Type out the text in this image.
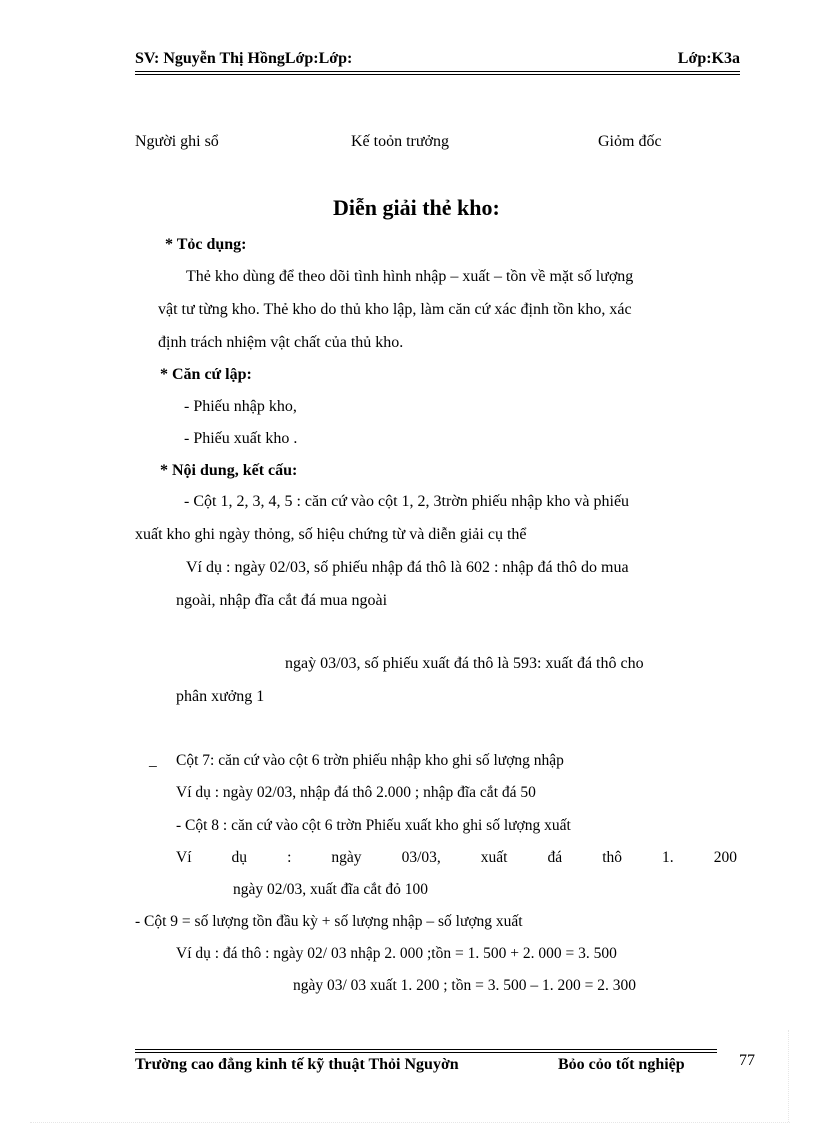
SV: Nguyễn Thị HồngLớp:Lớp:	Lớp:K3a
Người ghi sổ	Kế toỏn trưởng	Giỏm đốc
Diễn giải thẻ kho:
* Tỏc dụng:
Thẻ kho dùng để theo dõi tình hình nhập – xuất – tồn về mặt số lượng
vật tư từng kho. Thẻ kho do thủ kho lập, làm căn cứ xác định tồn kho, xác
định trách nhiệm vật chất của thủ kho.
* Căn cứ lập:
- Phiếu nhập kho,
- Phiếu xuất kho .
* Nội dung, kết cấu:
- Cột 1, 2, 3, 4, 5 : căn cứ vào cột 1, 2, 3trờn phiếu nhập kho và phiếu
xuất kho ghi ngày thỏng, số hiệu chứng từ và diễn giải cụ thể
Ví dụ : ngày 02/03, số phiếu nhập đá thô là 602 : nhập đá thô do mua
ngoài, nhập đĩa cắt đá mua ngoài
ngaỳ 03/03, số phiếu xuất đá thô là 593: xuất đá thô cho
phân xưởng 1
_ Cột 7: căn cứ vào cột 6 trờn phiếu nhập kho ghi số lượng nhập
Ví dụ : ngày 02/03, nhập đá thô 2.000 ; nhập đĩa cắt đá 50
- Cột 8 : căn cứ vào cột 6 trờn Phiếu xuất kho ghi số lượng xuất
Ví	dụ	:	ngày	03/03,	xuất	đá	thô	1.	200
ngày 02/03, xuất đĩa cắt đỏ 100
- Cột 9 = số lượng tồn đầu kỳ + số lượng nhập – số lượng xuất
Ví dụ : đá thô : ngày 02/ 03 nhập 2. 000 ;tồn = 1. 500 + 2. 000 = 3. 500
ngày 03/ 03 xuất 1. 200 ; tồn = 3. 500 – 1. 200 = 2. 300
Trường cao đẳng kinh tế kỹ thuật Thỏi Nguyờn	Bỏo cỏo tốt nghiệp	77
